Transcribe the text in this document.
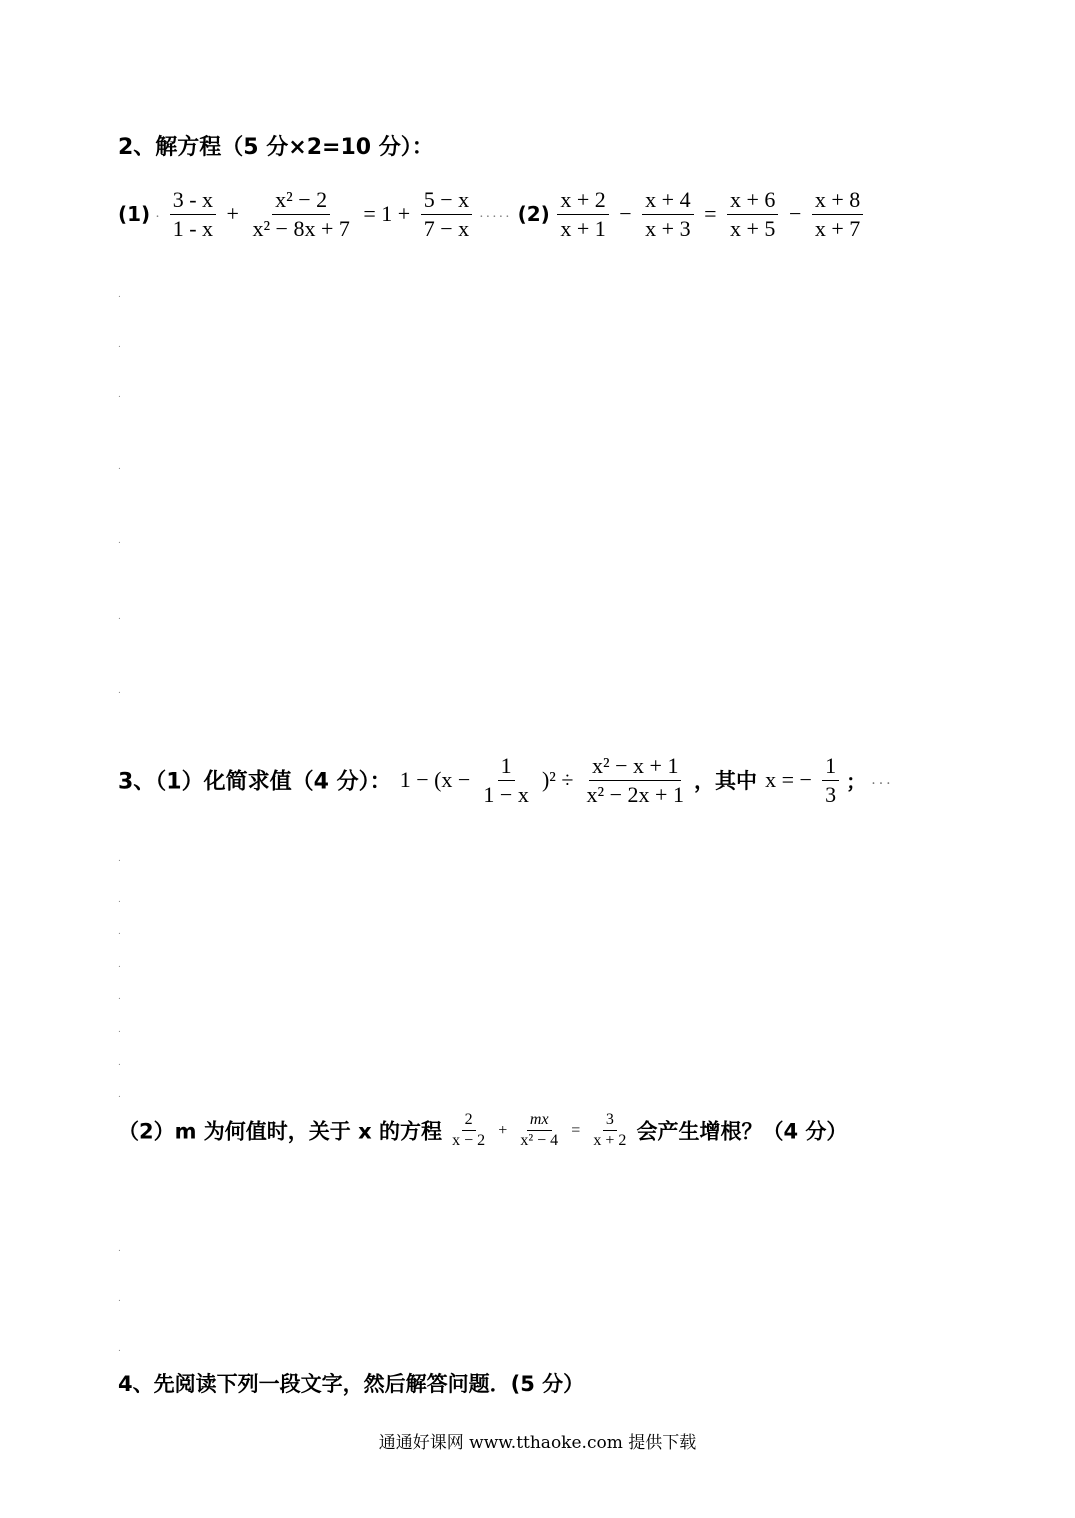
2、解方程（5 分×2=10 分）：
(1) . $\frac{3 - x}{1 - x} + \frac{\text{x² − 2}}{\text{x² − 8x + 7}} = 1 + \frac{5 - x}{7 - x}$ ..... $(2) \frac{x + 2}{x + 1} - \frac{x + 4}{x + 3} = \frac{x + 6}{x + 5} - \frac{x + 8}{x + 7}$
.
.
.
.
.
.
.
3、（1）化简求值（4 分）： $1 - (x - \frac{1}{1 - x} )^2 \div \frac{\text{x² − x + 1}}{\text{x² − 2x + 1}}$ ，其中 x = − $\frac{1}{3}$ ； ...
.
.
.
.
.
.
.
.
（2）m 为何值时，关于 x 的方程 $\frac{2}{x - 2} + \frac{mx}{\text{x² − 4}} = \frac{3}{x + 2}$ 会产生增根？（4 分）
.
.
.
4、先阅读下列一段文字，然后解答问题．(5 分）
通通好课网 www.tthaoke.com 提供下载
